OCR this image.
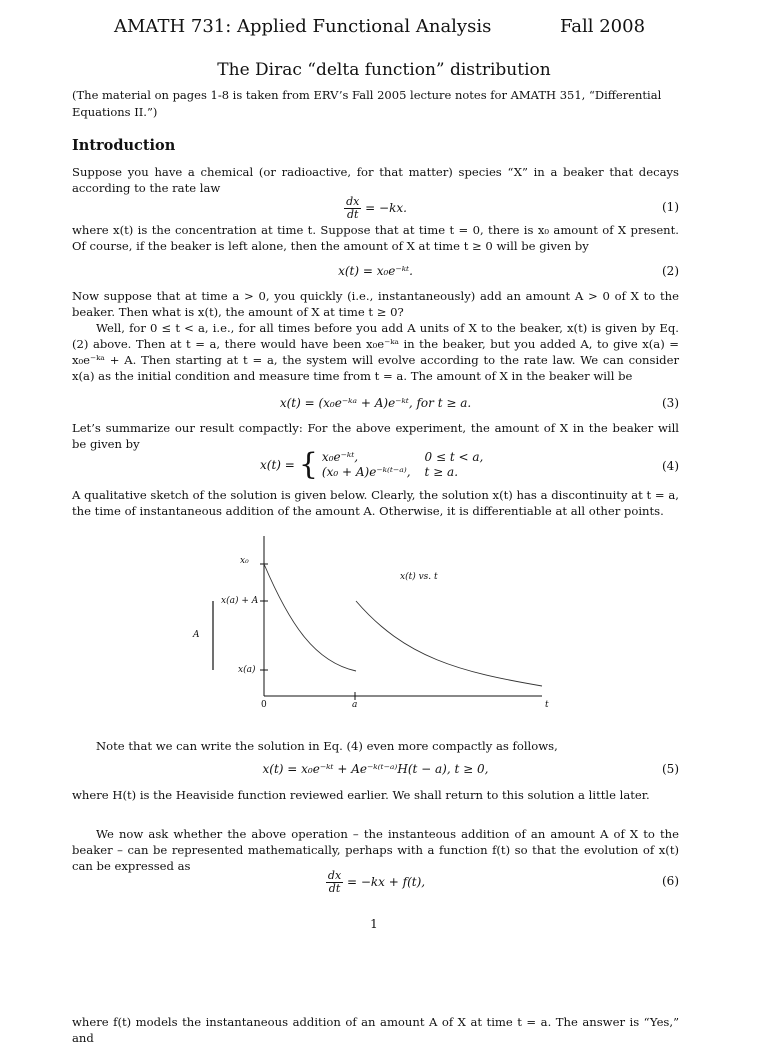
AMATH 731: Applied Functional Analysis	Fall 2008
The Dirac “delta function” distribution
(The material on pages 1-8 is taken from ERV’s Fall 2005 lecture notes for AMATH 351, “Differential Equations II.”)
Introduction
Suppose you have a chemical (or radioactive, for that matter) species “X” in a beaker that decays according to the rate law
$\frac{dx}{dt} = -kx$.	(1)
where x(t) is the concentration at time t. Suppose that at time t = 0, there is x₀ amount of X present. Of course, if the beaker is left alone, then the amount of X at time t ≥ 0 will be given by
x(t) = x₀e⁻ᵏᵗ.	(2)
Now suppose that at time a > 0, you quickly (i.e., instantaneously) add an amount A > 0 of X to the beaker. Then what is x(t), the amount of X at time t ≥ 0?
Well, for 0 ≤ t < a, i.e., for all times before you add A units of X to the beaker, x(t) is given by Eq. (2) above. Then at t = a, there would have been x₀e⁻ᵏᵃ in the beaker, but you added A, to give x(a) = x₀e⁻ᵏᵃ + A. Then starting at t = a, the system will evolve according to the rate law. We can consider x(a) as the initial condition and measure time from t = a. The amount of X in the beaker will be
x(t) = (x₀e⁻ᵏᵃ + A)e⁻ᵏᵗ, for t ≥ a.	(3)
Let’s summarize our result compactly: For the above experiment, the amount of X in the beaker will be given by
x(t) = { x₀e⁻ᵏᵗ,
(x₀ + A)e⁻ᵏ⁽ᵗ⁻ᵃ⁾,0 ≤ t < a,
t ≥ a.	(4)
A qualitative sketch of the solution is given below. Clearly, the solution x(t) has a discontinuity at t = a, the time of instantaneous addition of the amount A. Otherwise, it is differentiable at all other points.
x₀
x(a) + A
x(a)
A
x(t) vs. t
0	a	t
Note that we can write the solution in Eq. (4) even more compactly as follows,
x(t) = x₀e⁻ᵏᵗ + Ae⁻ᵏ⁽ᵗ⁻ᵃ⁾H(t − a), t ≥ 0,	(5)
where H(t) is the Heaviside function reviewed earlier. We shall return to this solution a little later.
We now ask whether the above operation – the instanteous addition of an amount A of X to the beaker – can be represented mathematically, perhaps with a function f(t) so that the evolution of x(t) can be expressed as
$\frac{dx}{dt} = -kx + f(t)$,	(6)
1
where f(t) models the instantaneous addition of an amount A of X at time t = a. The answer is “Yes,” and
